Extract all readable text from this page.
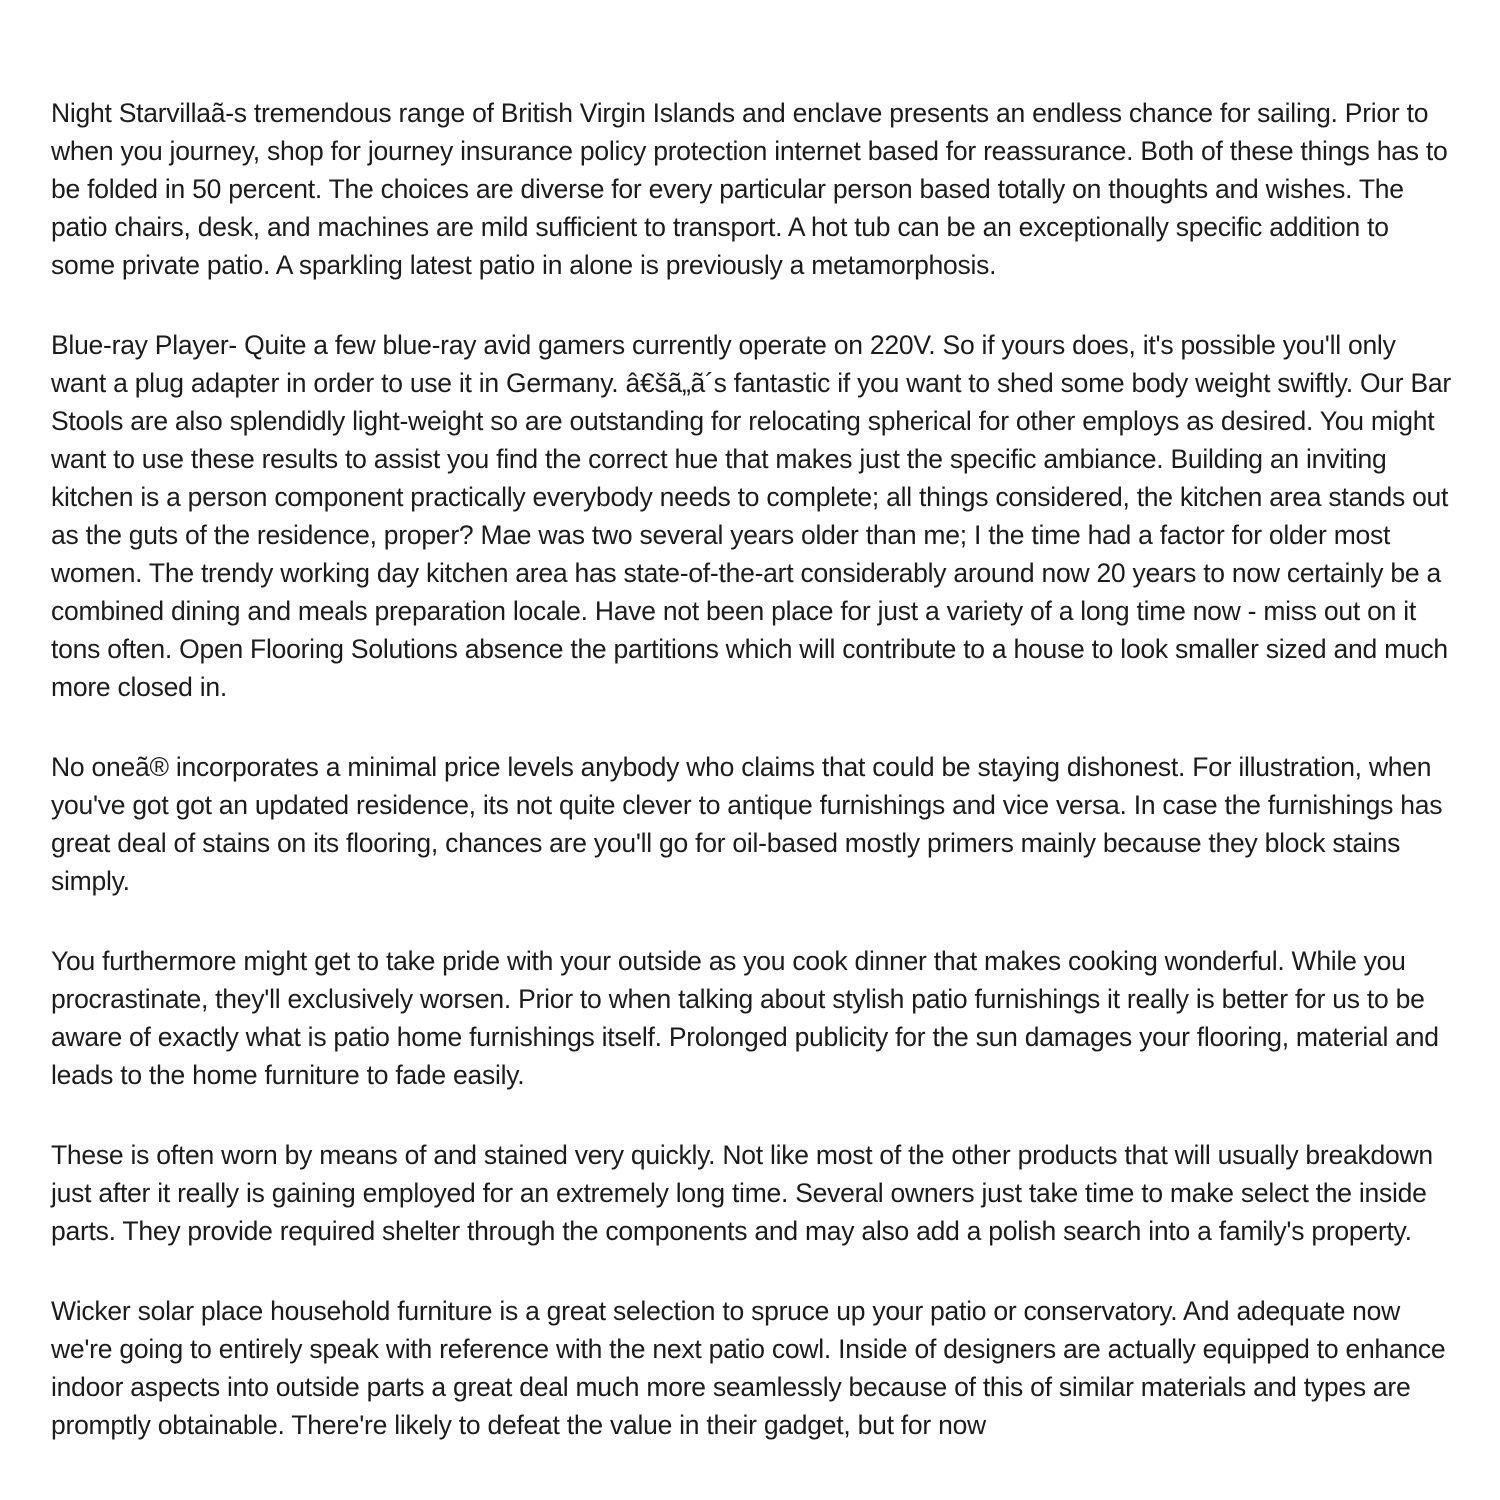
Night Starvillaã-s tremendous range of British Virgin Islands and enclave presents an endless chance for sailing. Prior to when you journey, shop for journey insurance policy protection internet based for reassurance. Both of these things has to be folded in 50 percent. The choices are diverse for every particular person based totally on thoughts and wishes. The patio chairs, desk, and machines are mild sufficient to transport. A hot tub can be an exceptionally specific addition to some private patio. A sparkling latest patio in alone is previously a metamorphosis.

Blue-ray Player- Quite a few blue-ray avid gamers currently operate on 220V. So if yours does, it's possible you'll only want a plug adapter in order to use it in Germany. â€šã„ã´s fantastic if you want to shed some body weight swiftly. Our Bar Stools are also splendidly light-weight so are outstanding for relocating spherical for other employs as desired. You might want to use these results to assist you find the correct hue that makes just the specific ambiance. Building an inviting kitchen is a person component practically everybody needs to complete; all things considered, the kitchen area stands out as the guts of the residence, proper? Mae was two several years older than me; I the time had a factor for older most women. The trendy working day kitchen area has state-of-the-art considerably around now 20 years to now certainly be a combined dining and meals preparation locale. Have not been place for just a variety of a long time now - miss out on it tons often. Open Flooring Solutions absence the partitions which will contribute to a house to look smaller sized and much more closed in.

No oneã® incorporates a minimal price levels anybody who claims that could be staying dishonest. For illustration, when you've got got an updated residence, its not quite clever to antique furnishings and vice versa. In case the furnishings has great deal of stains on its flooring, chances are you'll go for oil-based mostly primers mainly because they block stains simply.

You furthermore might get to take pride with your outside as you cook dinner that makes cooking wonderful. While you procrastinate, they'll exclusively worsen. Prior to when talking about stylish patio furnishings it really is better for us to be aware of exactly what is patio home furnishings itself. Prolonged publicity for the sun damages your flooring, material and leads to the home furniture to fade easily.

These is often worn by means of and stained very quickly. Not like most of the other products that will usually breakdown just after it really is gaining employed for an extremely long time. Several owners just take time to make select the inside parts. They provide required shelter through the components and may also add a polish search into a family's property.

Wicker solar place household furniture is a great selection to spruce up your patio or conservatory. And adequate now we're going to entirely speak with reference with the next patio cowl. Inside of designers are actually equipped to enhance indoor aspects into outside parts a great deal much more seamlessly because of this of similar materials and types are promptly obtainable. There're likely to defeat the value in their gadget, but for now
